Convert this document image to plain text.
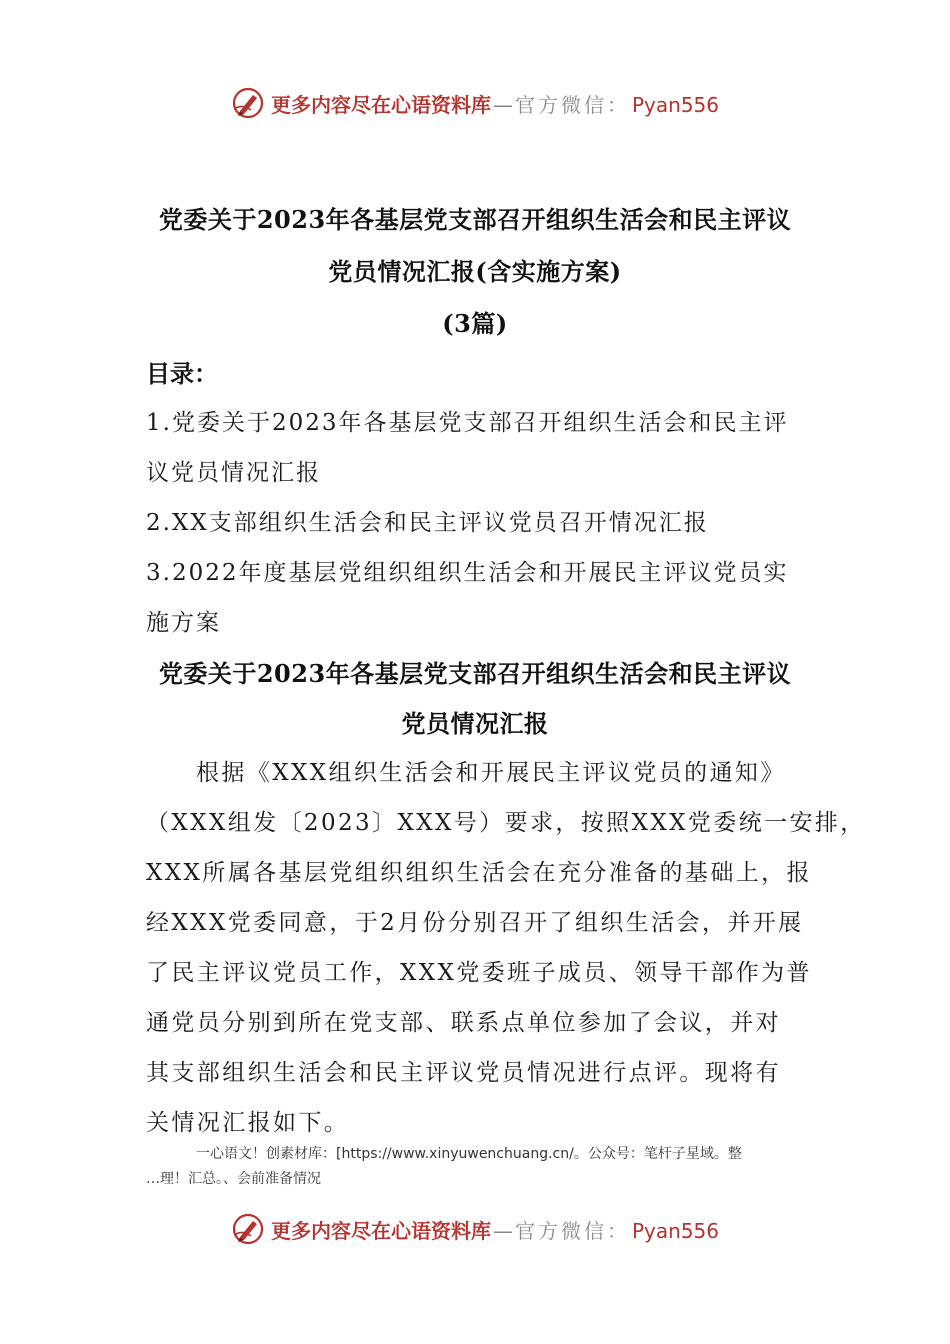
更多内容尽在心语资料库 — 官方微信： Pyan556
党委关于2023年各基层党支部召开组织生活会和民主评议
党员情况汇报(含实施方案)
(3篇)
目录：
1.党委关于2023年各基层党支部召开组织生活会和民主评
议党员情况汇报
2.XX支部组织生活会和民主评议党员召开情况汇报
3.2022年度基层党组织组织生活会和开展民主评议党员实
施方案
党委关于2023年各基层党支部召开组织生活会和民主评议
党员情况汇报
根据《XXX组织生活会和开展民主评议党员的通知》
（XXX组发〔2023〕XXX号）要求，按照XXX党委统一安排，
XXX所属各基层党组织组织生活会在充分准备的基础上，报
经XXX党委同意，于2月份分别召开了组织生活会，并开展
了民主评议党员工作，XXX党委班子成员、领导干部作为普
通党员分别到所在党支部、联系点单位参加了会议，并对
其支部组织生活会和民主评议党员情况进行点评。现将有
关情况汇报如下。
一心语文！创素材库：[https://www.xinyuwenchuang.cn/。公众号：笔杆子星域。整
…理！汇总。、会前准备情况
更多内容尽在心语资料库 — 官方微信： Pyan556
